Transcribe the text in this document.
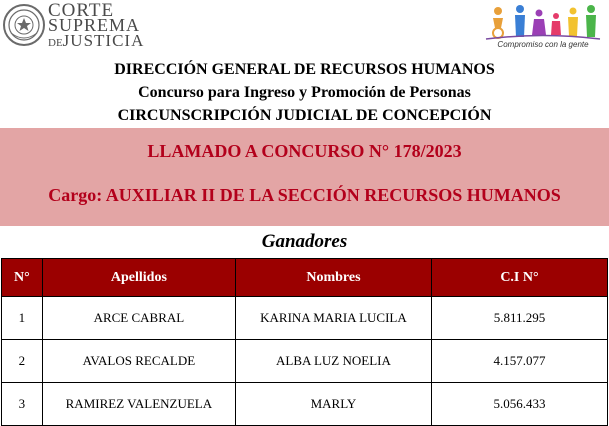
CORTE
SUPREMA
DEJUSTICIA	Compromiso con la gente
DIRECCIÓN GENERAL DE RECURSOS HUMANOS
Concurso para Ingreso y Promoción de Personas
CIRCUNSCRIPCIÓN JUDICIAL DE CONCEPCIÓN
LLAMADO A CONCURSO N° 178/2023
Cargo: AUXILIAR II DE LA SECCIÓN RECURSOS HUMANOS
Ganadores
N°	Apellidos	Nombres	C.I N°
1	ARCE CABRAL	KARINA MARIA LUCILA	5.811.295
2	AVALOS RECALDE	ALBA LUZ NOELIA	4.157.077
3	RAMIREZ VALENZUELA	MARLY	5.056.433
